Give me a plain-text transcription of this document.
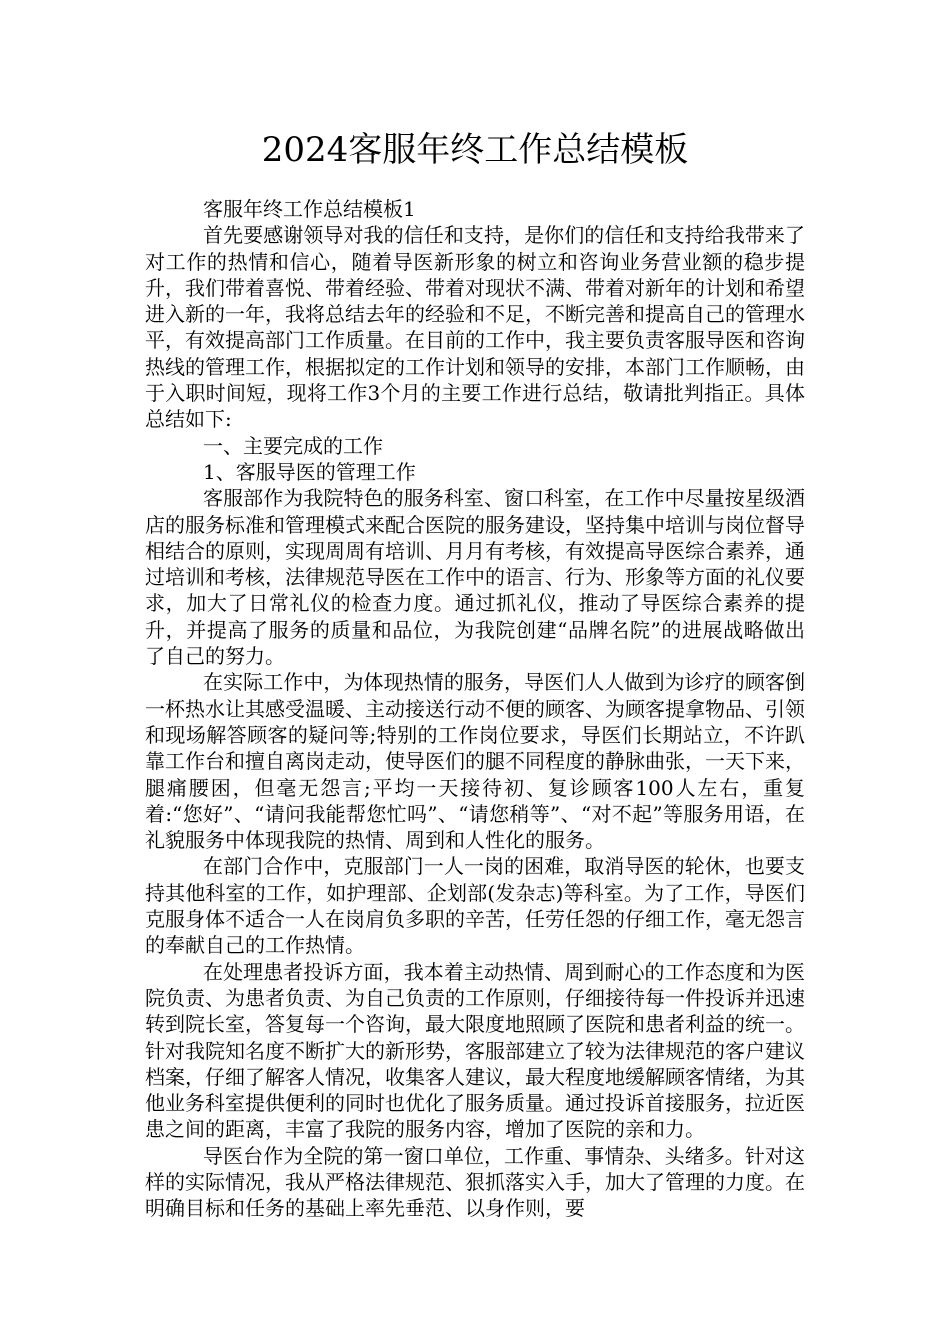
2024客服年终工作总结模板

客服年终工作总结模板1

首先要感谢领导对我的信任和支持，是你们的信任和支持给我带来了对工作的热情和信心，随着导医新形象的树立和咨询业务营业额的稳步提升，我们带着喜悦、带着经验、带着对现状不满、带着对新年的计划和希望进入新的一年，我将总结去年的经验和不足，不断完善和提高自己的管理水平，有效提高部门工作质量。在目前的工作中，我主要负责客服导医和咨询热线的管理工作，根据拟定的工作计划和领导的安排，本部门工作顺畅，由于入职时间短，现将工作3个月的主要工作进行总结，敬请批判指正。具体总结如下:

一、主要完成的工作

1、客服导医的管理工作

客服部作为我院特色的服务科室、窗口科室，在工作中尽量按星级酒店的服务标准和管理模式来配合医院的服务建设，坚持集中培训与岗位督导相结合的原则，实现周周有培训、月月有考核，有效提高导医综合素养，通过培训和考核，法律规范导医在工作中的语言、行为、形象等方面的礼仪要求，加大了日常礼仪的检查力度。通过抓礼仪，推动了导医综合素养的提升，并提高了服务的质量和品位，为我院创建“品牌名院”的进展战略做出了自己的努力。

在实际工作中，为体现热情的服务，导医们人人做到为诊疗的顾客倒一杯热水让其感受温暖、主动接送行动不便的顾客、为顾客提拿物品、引领和现场解答顾客的疑问等;特别的工作岗位要求，导医们长期站立，不许趴靠工作台和擅自离岗走动，使导医们的腿不同程度的静脉曲张，一天下来，腿痛腰困，但毫无怨言;平均一天接待初、复诊顾客100人左右，重复着:“您好”、“请问我能帮您忙吗”、“请您稍等”、“对不起”等服务用语，在礼貌服务中体现我院的热情、周到和人性化的服务。

在部门合作中，克服部门一人一岗的困难，取消导医的轮休，也要支持其他科室的工作，如护理部、企划部(发杂志)等科室。为了工作，导医们克服身体不适合一人在岗肩负多职的辛苦，任劳任怨的仔细工作，毫无怨言的奉献自己的工作热情。

在处理患者投诉方面，我本着主动热情、周到耐心的工作态度和为医院负责、为患者负责、为自己负责的工作原则，仔细接待每一件投诉并迅速转到院长室，答复每一个咨询，最大限度地照顾了医院和患者利益的统一。针对我院知名度不断扩大的新形势，客服部建立了较为法律规范的客户建议档案，仔细了解客人情况，收集客人建议，最大程度地缓解顾客情绪，为其他业务科室提供便利的同时也优化了服务质量。通过投诉首接服务，拉近医患之间的距离，丰富了我院的服务内容，增加了医院的亲和力。

导医台作为全院的第一窗口单位，工作重、事情杂、头绪多。针对这样的实际情况，我从严格法律规范、狠抓落实入手，加大了管理的力度。在明确目标和任务的基础上率先垂范、以身作则，要
